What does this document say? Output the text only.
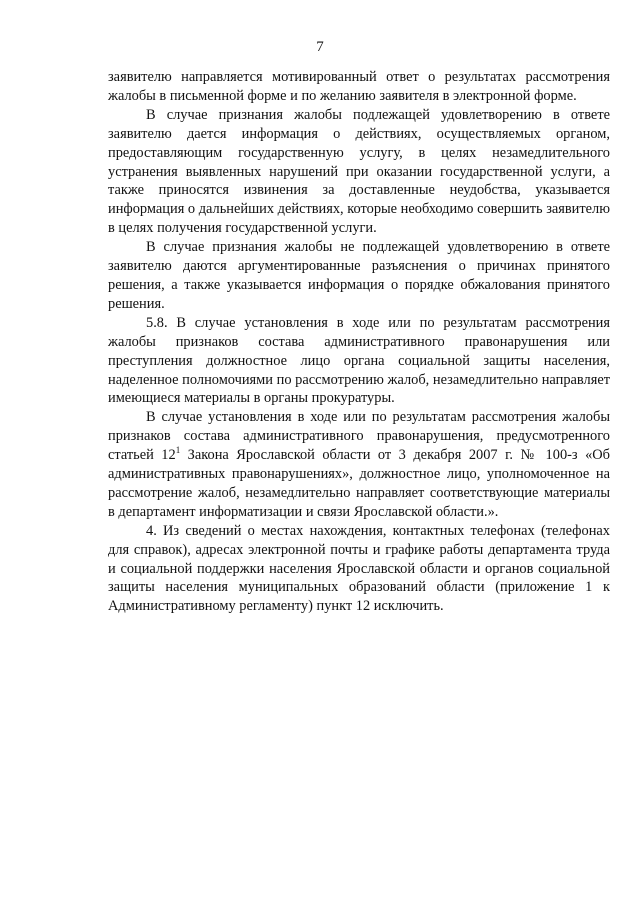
7

заявителю направляется мотивированный ответ о результатах рассмотрения жалобы в письменной форме и по желанию заявителя в электронной форме.

В случае признания жалобы подлежащей удовлетворению в ответе заявителю дается информация о действиях, осуществляемых органом, предоставляющим государственную услугу, в целях незамедлительного устранения выявленных нарушений при оказании государственной услуги, а также приносятся извинения за доставленные неудобства, указывается информация о дальнейших действиях, которые необходимо совершить заявителю в целях получения государственной услуги.

В случае признания жалобы не подлежащей удовлетворению в ответе заявителю даются аргументированные разъяснения о причинах принятого решения, а также указывается информация о порядке обжалования принятого решения.

5.8. В случае установления в ходе или по результатам рассмотрения жалобы признаков состава административного правонарушения или преступления должностное лицо органа социальной защиты населения, наделенное полномочиями по рассмотрению жалоб, незамедлительно направляет имеющиеся материалы в органы прокуратуры.

В случае установления в ходе или по результатам рассмотрения жалобы признаков состава административного правонарушения, предусмотренного статьей $12^1$ Закона Ярославской области от 3 декабря 2007 г. № 100-з «Об административных правонарушениях», должностное лицо, уполномоченное на рассмотрение жалоб, незамедлительно направляет соответствующие материалы в департамент информатизации и связи Ярославской области.».

4. Из сведений о местах нахождения, контактных телефонах (телефонах для справок), адресах электронной почты и графике работы департамента труда и социальной поддержки населения Ярославской области и органов социальной защиты населения муниципальных образований области (приложение 1 к Административному регламенту) пункт 12 исключить.
